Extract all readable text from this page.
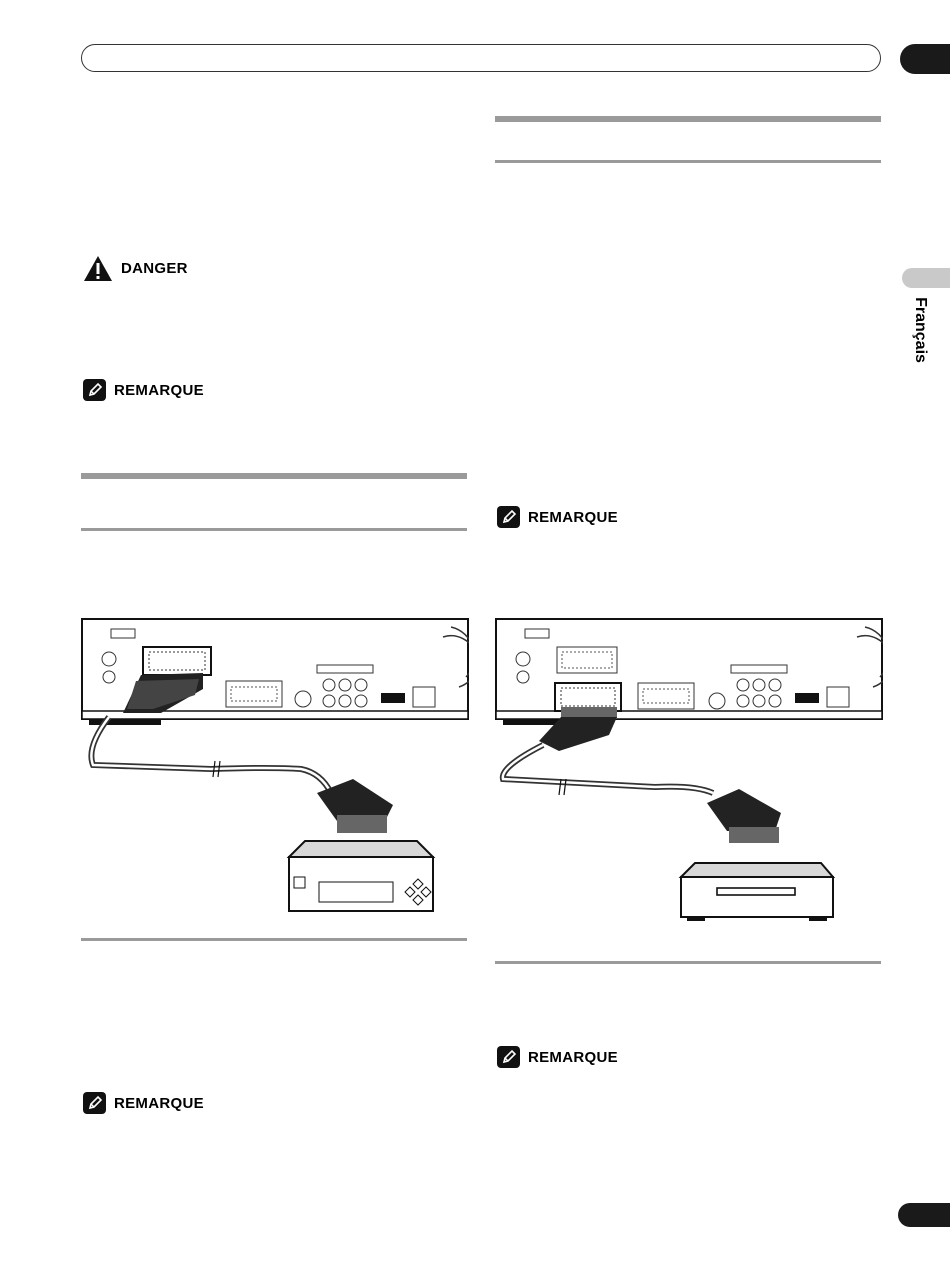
Français
DANGER
REMARQUE
REMARQUE
REMARQUE
REMARQUE
